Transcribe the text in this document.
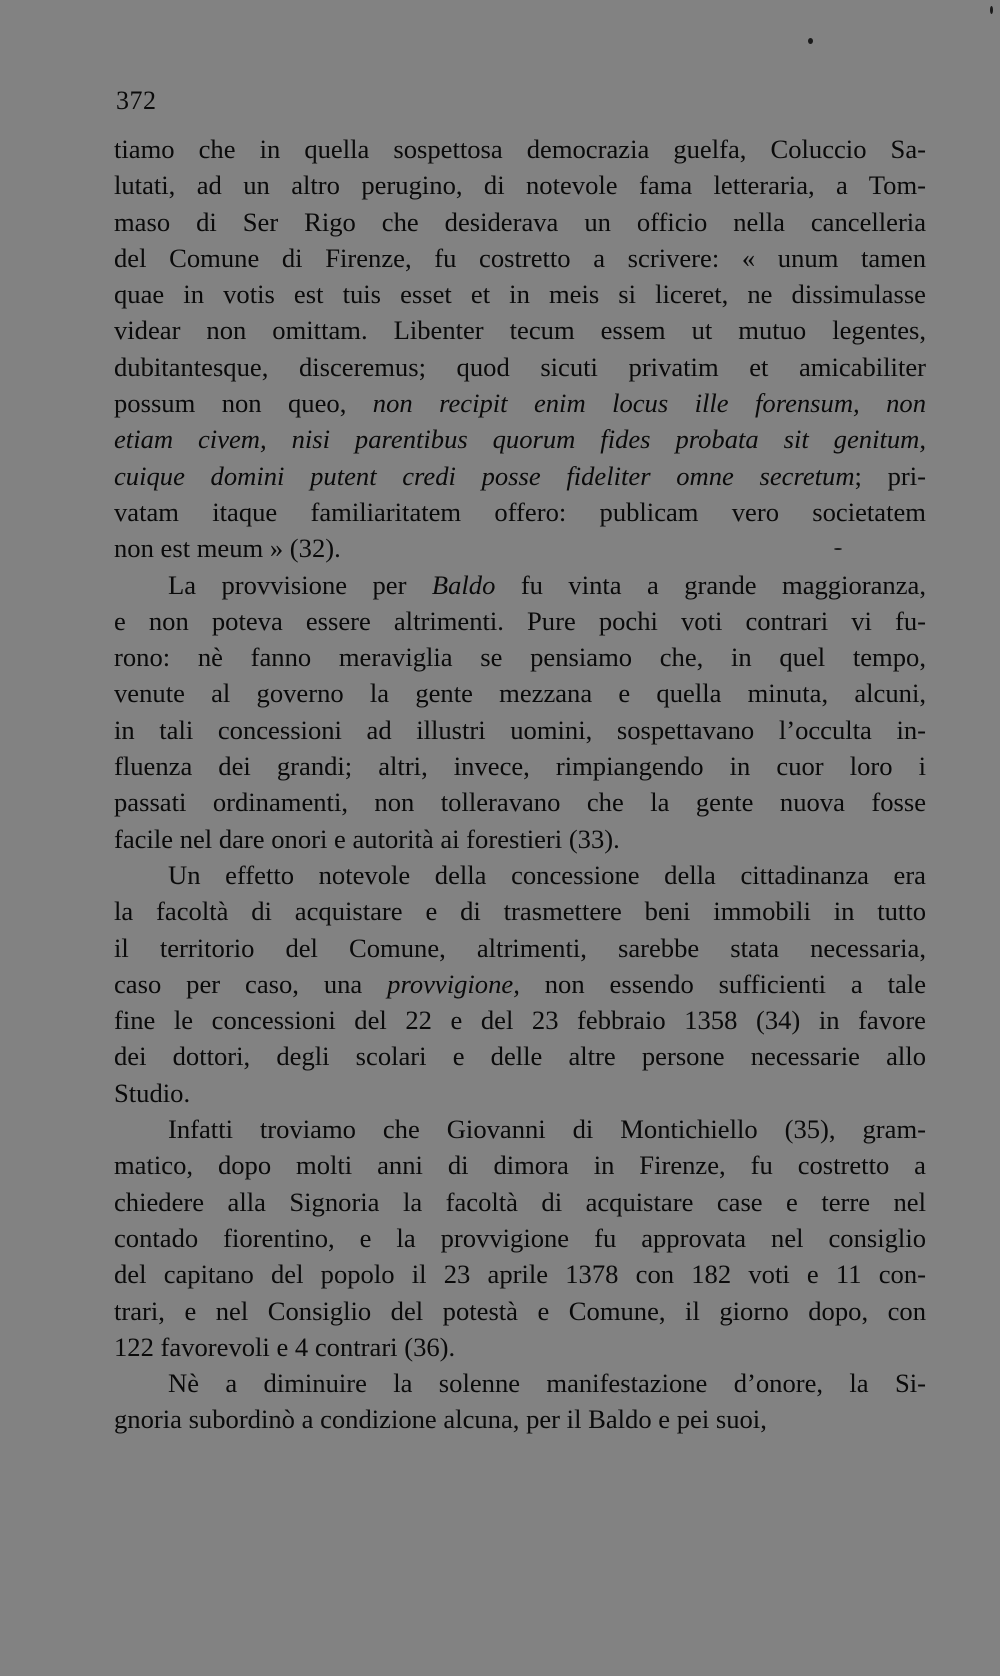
372
tiamo che in quella sospettosa democrazia guelfa, Coluccio Sa-
lutati, ad un altro perugino, di notevole fama letteraria, a Tom-
maso di Ser Rigo che desiderava un officio nella cancelleria
del Comune di Firenze, fu costretto a scrivere: « unum tamen
quae in votis est tuis esset et in meis si liceret, ne dissimulasse
videar non omittam. Libenter tecum essem ut mutuo legentes,
dubitantesque, disceremus; quod sicuti privatim et amicabiliter
possum non queo, non recipit enim locus ille forensum, non
etiam civem, nisi parentibus quorum fides probata sit genitum,
cuique domini putent credi posse fideliter omne secretum; pri-
vatam itaque familiaritatem offero: publicam vero societatem
non est meum » (32).
La provvisione per Baldo fu vinta a grande maggioranza,
e non poteva essere altrimenti. Pure pochi voti contrari vi fu-
rono: nè fanno meraviglia se pensiamo che, in quel tempo,
venute al governo la gente mezzana e quella minuta, alcuni,
in tali concessioni ad illustri uomini, sospettavano l’occulta in-
fluenza dei grandi; altri, invece, rimpiangendo in cuor loro i
passati ordinamenti, non tolleravano che la gente nuova fosse
facile nel dare onori e autorità ai forestieri (33).
Un effetto notevole della concessione della cittadinanza era
la facoltà di acquistare e di trasmettere beni immobili in tutto
il territorio del Comune, altrimenti, sarebbe stata necessaria,
caso per caso, una provvigione, non essendo sufficienti a tale
fine le concessioni del 22 e del 23 febbraio 1358 (34) in favore
dei dottori, degli scolari e delle altre persone necessarie allo
Studio.
Infatti troviamo che Giovanni di Montichiello (35), gram-
matico, dopo molti anni di dimora in Firenze, fu costretto a
chiedere alla Signoria la facoltà di acquistare case e terre nel
contado fiorentino, e la provvigione fu approvata nel consiglio
del capitano del popolo il 23 aprile 1378 con 182 voti e 11 con-
trari, e nel Consiglio del potestà e Comune, il giorno dopo, con
122 favorevoli e 4 contrari (36).
Nè a diminuire la solenne manifestazione d’onore, la Si-
gnoria subordinò a condizione alcuna, per il Baldo e pei suoi,
